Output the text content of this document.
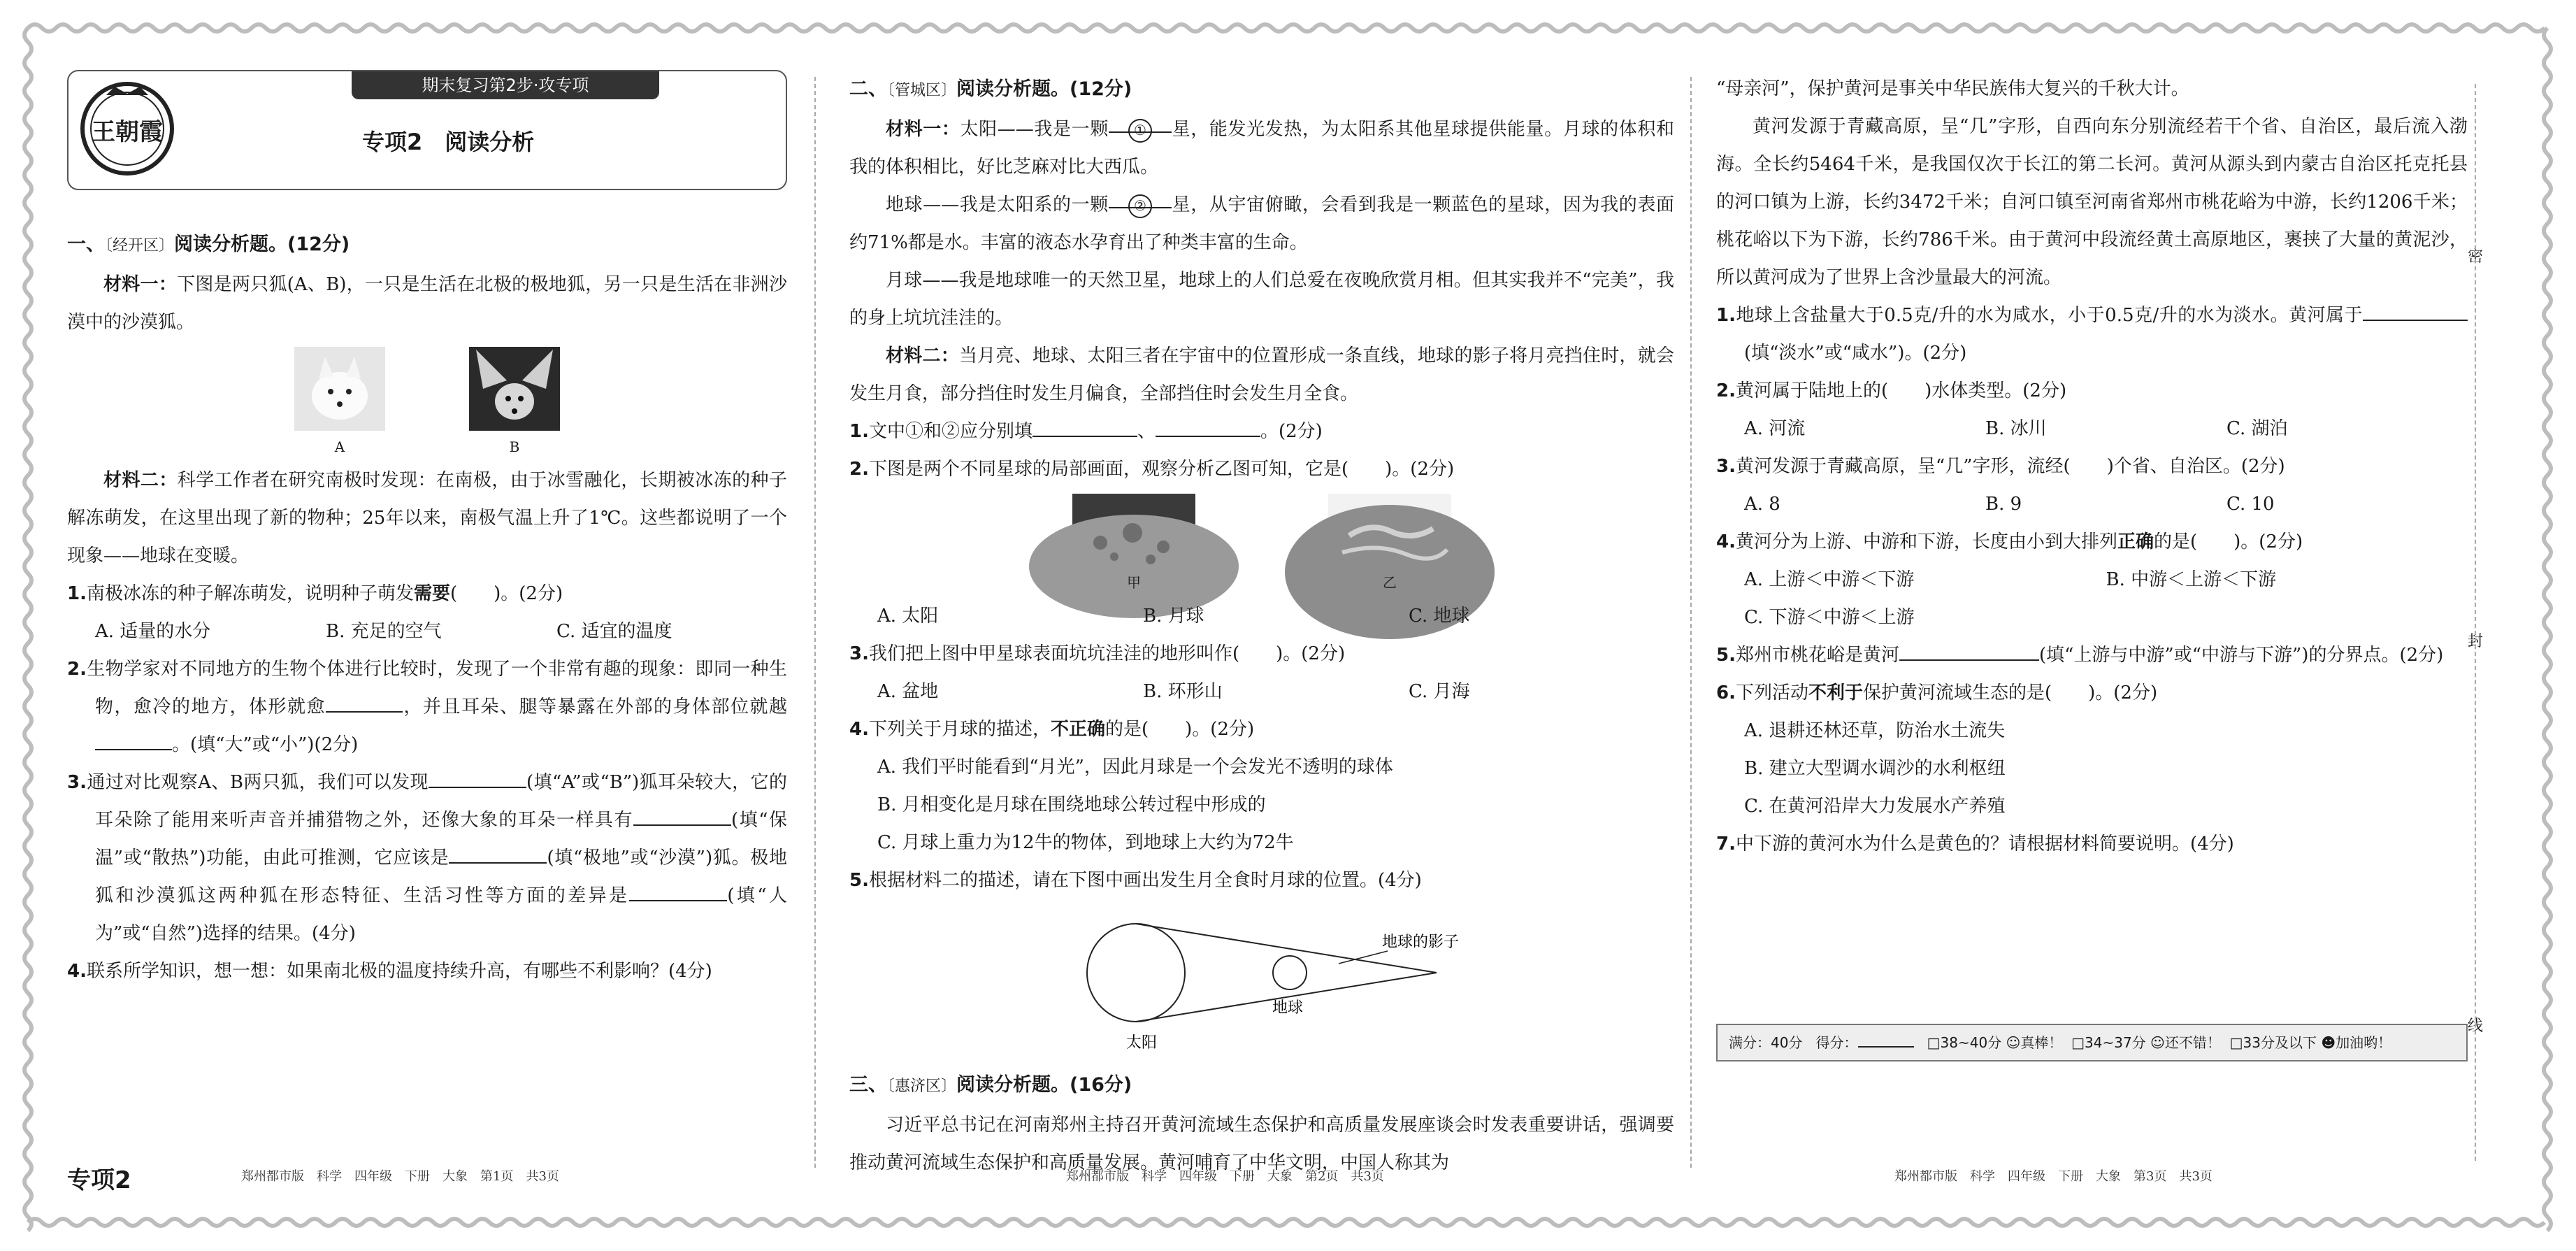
王朝霞
期末复习第2步·攻专项
专项2　阅读分析

一、〔经开区〕阅读分析题。(12分)

材料一：下图是两只狐(A、B)，一只是生活在北极的极地狐，另一只是生活在非洲沙漠中的沙漠狐。

A	B

材料二：科学工作者在研究南极时发现：在南极，由于冰雪融化，长期被冰冻的种子解冻萌发，在这里出现了新的物种；25年以来，南极气温上升了1℃。这些都说明了一个现象——地球在变暖。

1.南极冰冻的种子解冻萌发，说明种子萌发需要(　　)。(2分)

A. 适量的水分	B. 充足的空气	C. 适宜的温度

2.生物学家对不同地方的生物个体进行比较时，发现了一个非常有趣的现象：即同一种生物，愈冷的地方，体形就愈	，并且耳朵、腿等暴露在外部的身体部位就越。(填“大”或“小”)(2分)

3.通过对比观察A、B两只狐，我们可以发现	(填“A”或“B”)狐耳朵较大，它的耳朵除了能用来听声音并捕猎物之外，还像大象的耳朵一样具有	(填“保温”或“散热”)功能，由此可推测，它应该是	(填“极地”或“沙漠”)狐。极地狐和沙漠狐这两种狐在形态特征、生活习性等方面的差异是	(填“人为”或“自然”)选择的结果。(4分)

4.联系所学知识，想一想：如果南北极的温度持续升高，有哪些不利影响？(4分)

二、〔管城区〕阅读分析题。(12分)

材料一：太阳——我是一颗 ① 星，能发光发热，为太阳系其他星球提供能量。月球的体积和我的体积相比，好比芝麻对比大西瓜。

地球——我是太阳系的一颗 ② 星，从宇宙俯瞰，会看到我是一颗蓝色的星球，因为我的表面约71%都是水。丰富的液态水孕育出了种类丰富的生命。

月球——我是地球唯一的天然卫星，地球上的人们总爱在夜晚欣赏月相。但其实我并不“完美”，我的身上坑坑洼洼的。

材料二：当月亮、地球、太阳三者在宇宙中的位置形成一条直线，地球的影子将月亮挡住时，就会发生月食，部分挡住时发生月偏食，全部挡住时会发生月全食。

1.文中①和②应分别填	、	。(2分)

2.下图是两个不同星球的局部画面，观察分析乙图可知，它是(　　)。(2分)

甲	乙
A. 太阳	B. 月球	C. 地球

3.我们把上图中甲星球表面坑坑洼洼的地形叫作(　　)。(2分)

A. 盆地	B. 环形山	C. 月海

4.下列关于月球的描述，不正确的是(　　)。(2分)

A. 我们平时能看到“月光”，因此月球是一个会发光不透明的球体
B. 月相变化是月球在围绕地球公转过程中形成的
C. 月球上重力为12牛的物体，到地球上大约为72牛

5.根据材料二的描述，请在下图中画出发生月全食时月球的位置。(4分)

太阳
地球
地球的影子

三、〔惠济区〕阅读分析题。(16分)

习近平总书记在河南郑州主持召开黄河流域生态保护和高质量发展座谈会时发表重要讲话，强调要推动黄河流域生态保护和高质量发展。黄河哺育了中华文明，中国人称其为

“母亲河”，保护黄河是事关中华民族伟大复兴的千秋大计。

黄河发源于青藏高原，呈“几”字形，自西向东分别流经若干个省、自治区，最后流入渤海。全长约5464千米，是我国仅次于长江的第二长河。黄河从源头到内蒙古自治区托克托县的河口镇为上游，长约3472千米；自河口镇至河南省郑州市桃花峪为中游，长约1206千米；桃花峪以下为下游，长约786千米。由于黄河中段流经黄土高原地区，裹挟了大量的黄泥沙，所以黄河成为了世界上含沙量最大的河流。

1.地球上含盐量大于0.5克/升的水为咸水，小于0.5克/升的水为淡水。黄河属于(填“淡水”或“咸水”)。(2分)

2.黄河属于陆地上的(　　)水体类型。(2分)

A. 河流	B. 冰川	C. 湖泊

3.黄河发源于青藏高原，呈“几”字形，流经(　　)个省、自治区。(2分)

A. 8	B. 9	C. 10

4.黄河分为上游、中游和下游，长度由小到大排列正确的是(　　)。(2分)

A. 上游＜中游＜下游	B. 中游＜上游＜下游
C. 下游＜中游＜上游

5.郑州市桃花峪是黄河	(填“上游与中游”或“中游与下游”)的分界点。(2分)

6.下列活动不利于保护黄河流域生态的是(　　)。(2分)

A. 退耕还林还草，防治水土流失
B. 建立大型调水调沙的水利枢纽
C. 在黄河沿岸大力发展水产养殖

7.中下游的黄河水为什么是黄色的？请根据材料简要说明。(4分)

满分：40分 得分：	□38~40分 ☺真棒！ □34~37分 ☺还不错！ □33分及以下 ☻加油哟！
密
封
线
专项2	郑州都市版　科学　四年级　下册　大象　第1页　共3页	郑州都市版　科学　四年级　下册　大象　第2页　共3页	郑州都市版　科学　四年级　下册　大象　第3页　共3页
